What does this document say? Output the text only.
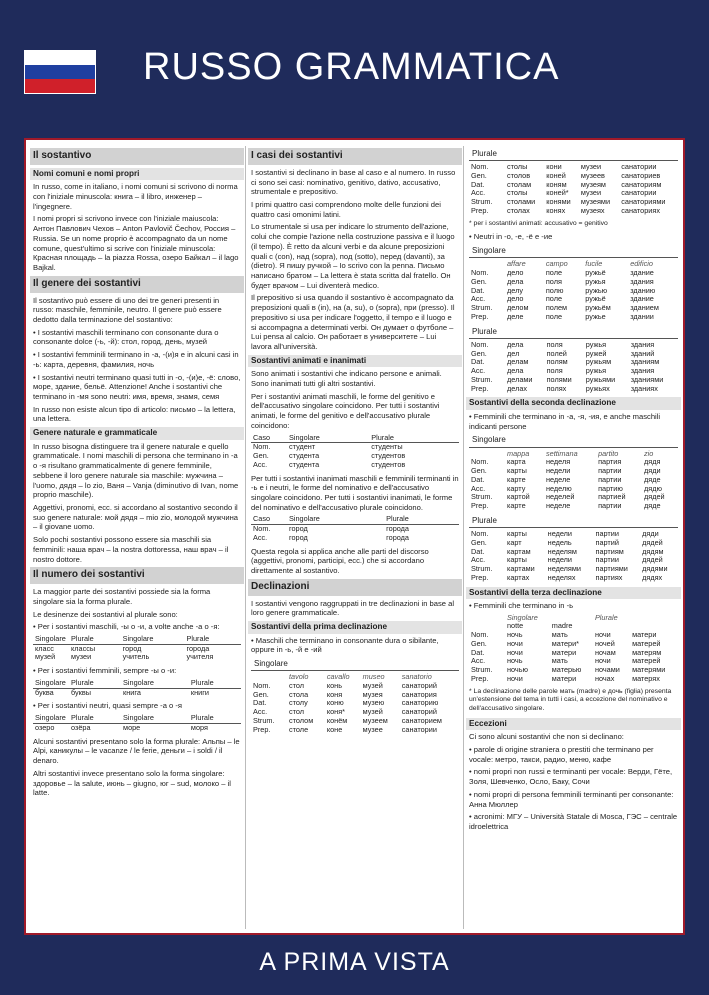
RUSSO GRAMMATICA
Il sostantivo
Nomi comuni e nomi propri
In russo, come in italiano, i nomi comuni si scrivono di norma con l'iniziale minuscola: книга – il libro, инженер – l'ingegnere.
I nomi propri si scrivono invece con l'iniziale maiuscola: Антон Павлович Чехов – Anton Pavlovič Čechov, Россия – Russia. Se un nome proprio è accompagnato da un nome comune, quest'ultimo si scrive con l'iniziale minuscola: Красная площадь – la piazza Rossa, озеро Байкал – il lago Bajkal.
Il genere dei sostantivi
Il sostantivo può essere di uno dei tre generi presenti in russo: maschile, femminile, neutro. Il genere può essere dedotto dalla terminazione del sostantivo:
• I sostantivi maschili terminano con consonante dura o consonante dolce (-ь, -й): стол, город, день, музей
• I sostantivi femminili terminano in -а, -(и)я e in alcuni casi in -ь: карта, деревня, фамилия, ночь
• I sostantivi neutri terminano quasi tutti in -о, -(и)е, -ё: слово, море, здание, бельё. Attenzione! Anche i sostantivi che terminano in -мя sono neutri: имя, время, знамя, семя
In russo non esiste alcun tipo di articolo: письмо – la lettera, una lettera.
Genere naturale e grammaticale
In russo bisogna distinguere tra il genere naturale e quello grammaticale. I nomi maschili di persona che terminano in -а o -я risultano grammaticalmente di genere femminile, sebbene il loro genere naturale sia maschile: мужчина – l'uomo, дядя – lo zio, Ваня – Vanja (diminutivo di Ivan, nome proprio maschile).
Aggettivi, pronomi, ecc. si accordano al sostantivo secondo il suo genere naturale: мой дядя – mio zio, молодой мужчина – il giovane uomo.
Solo pochi sostantivi possono essere sia maschili sia femminili: наша врач – la nostra dottoressa, наш врач – il nostro dottore.
Il numero dei sostantivi
La maggior parte dei sostantivi possiede sia la forma singolare sia la forma plurale.
Le desinenze dei sostantivi al plurale sono:
• Per i sostantivi maschili, -ы o -и, a volte anche -а o -я:
Singolare	Plurale	Singolare	Plurale
класс	классы	город	города
музей	музеи	учитель	учителя
• Per i sostantivi femminili, sempre -ы o -и:
Singolare	Plurale	Singolare	Plurale
буква	буквы	книга	книги
• Per i sostantivi neutri, quasi sempre -а o -я
Singolare	Plurale	Singolare	Plurale
озеро	озёра	море	моря
Alcuni sostantivi presentano solo la forma plurale: Альпы – le Alpi, каникулы – le vacanze / le ferie, деньги – i soldi / il denaro.
Altri sostantivi invece presentano solo la forma singolare: здоровье – la salute, июнь – giugno, юг – sud, молоко – il latte.
I casi dei sostantivi
I sostantivi si declinano in base al caso e al numero. In russo ci sono sei casi: nominativo, genitivo, dativo, accusativo, strumentale e prepositivo.
I primi quattro casi comprendono molte delle funzioni dei quattro casi omonimi latini.
Lo strumentale si usa per indicare lo strumento dell'azione, colui che compie l'azione nella costruzione passiva e il luogo (il tempo). È retto da alcuni verbi e da alcune preposizioni quali с (con), над (sopra), под (sotto), перед (davanti), за (dietro). Я пишу ручкой – Io scrivo con la penna. Письмо написано братом – La lettera è stata scritta dal fratello. Он будет врачом – Lui diventerà medico.
Il prepositivo si usa quando il sostantivo è accompagnato da preposizioni quali в (in), на (a, su), о (sopra), при (presso). Il prepositivo si usa per indicare l'oggetto, il tempo e il luogo e si accompagna a determinati verbi. Он думает о футболе – Lui pensa al calcio. Он работает в университете – Lui lavora all'università.
Sostantivi animati e inanimati
Sono animati i sostantivi che indicano persone e animali. Sono inanimati tutti gli altri sostantivi.
Per i sostantivi animati maschili, le forme del genitivo e dell'accusativo singolare coincidono. Per tutti i sostantivi animati, le forme del genitivo e dell'accusativo plurale coincidono:
Caso	Singolare	Plurale
Nom.	студент	студенты
Gen.	студента	студентов
Acc.	студента	студентов
Per tutti i sostantivi inanimati maschili e femminili terminanti in -ь e i neutri, le forme del nominativo e dell'accusativo singolare coincidono. Per tutti i sostantivi inanimati, le forme del nominativo e dell'accusativo plurale coincidono.
Caso	Singolare	Plurale
Nom.	город	города
Acc.	город	города
Questa regola si applica anche alle parti del discorso (aggettivi, pronomi, participi, ecc.) che si accordano direttamente al sostantivo.
Declinazioni
I sostantivi vengono raggruppati in tre declinazioni in base al loro genere grammaticale.
Sostantivi della prima declinazione
• Maschili che terminano in consonante dura o sibilante, oppure in -ь, -й e -ий
Singolare
	tavolo	cavallo	museo	sanatorio
Nom.	стол	конь	музей	санаторий
Gen.	стола	коня	музея	санатория
Dat.	столу	коню	музею	санаторию
Acc.	стол	коня*	музей	санаторий
Strum.	столом	конём	музеем	санаторием
Prep.	столе	коне	музее	санатории
Plurale
Nom.	столы	кони	музеи	санатории
Gen.	столов	коней	музеев	санаториев
Dat.	столам	коням	музеям	санаториям
Acc.	столы	коней*	музеи	санатории
Strum.	столами	конями	музеями	санаториями
Prep.	столах	конях	музеях	санаториях
* per i sostantivi animati: accusativo = genitivo
• Neutri in -о, -е, -ё e -ие
Singolare
	affare	campo	fucile	edificio
Nom.	дело	поле	ружьё	здание
Gen.	дела	поля	ружья	здания
Dat.	делу	полю	ружью	зданию
Acc.	дело	поле	ружьё	здание
Strum.	делом	полем	ружьём	зданием
Prep.	деле	поле	ружье	здании
Plurale
Nom.	дела	поля	ружья	здания
Gen.	дел	полей	ружей	зданий
Dat.	делам	полям	ружьям	зданиям
Acc.	дела	поля	ружья	здания
Strum.	делами	полями	ружьями	зданиями
Prep.	делах	полях	ружьях	зданиях
Sostantivi della seconda declinazione
• Femminili che terminano in -а, -я, -ия, e anche maschili indicanti persone
Singolare
	mappa	settimana	partito	zio
Nom.	карта	неделя	партия	дядя
Gen.	карты	недели	партии	дяди
Dat.	карте	неделе	партии	дяде
Acc.	карту	неделю	партию	дядю
Strum.	картой	неделей	партией	дядей
Prep.	карте	неделе	партии	дяде
Plurale
Nom.	карты	недели	партии	дяди
Gen.	карт	недель	партий	дядей
Dat.	картам	неделям	партиям	дядям
Acc.	карты	недели	партии	дядей
Strum.	картами	неделями	партиями	дядями
Prep.	картах	неделях	партиях	дядях
Sostantivi della terza declinazione
• Femminili che terminano in -ь
	Singolare		Plurale	
	notte	madre		
Nom.	ночь	мать	ночи	матери
Gen.	ночи	матери*	ночей	матерей
Dat.	ночи	матери	ночам	матерям
Acc.	ночь	мать	ночи	матерей
Strum.	ночью	матерью	ночами	матерями
Prep.	ночи	матери	ночах	матерях
* La declinazione delle parole мать (madre) e дочь (figlia) presenta un'estensione del tema in tutti i casi, a eccezione del nominativo e dell'accusativo singolare.
Eccezioni
Ci sono alcuni sostantivi che non si declinano:
• parole di origine straniera o prestiti che terminano per vocale: метро, такси, радио, меню, кафе
• nomi propri non russi e terminanti per vocale: Верди, Гёте, Золя, Шевченко, Осло, Баку, Сочи
• nomi propri di persona femminili terminanti per consonante: Анна Мюллер
• acronimi: МГУ – Università Statale di Mosca, ГЭС – centrale idroelettrica
A PRIMA VISTA
